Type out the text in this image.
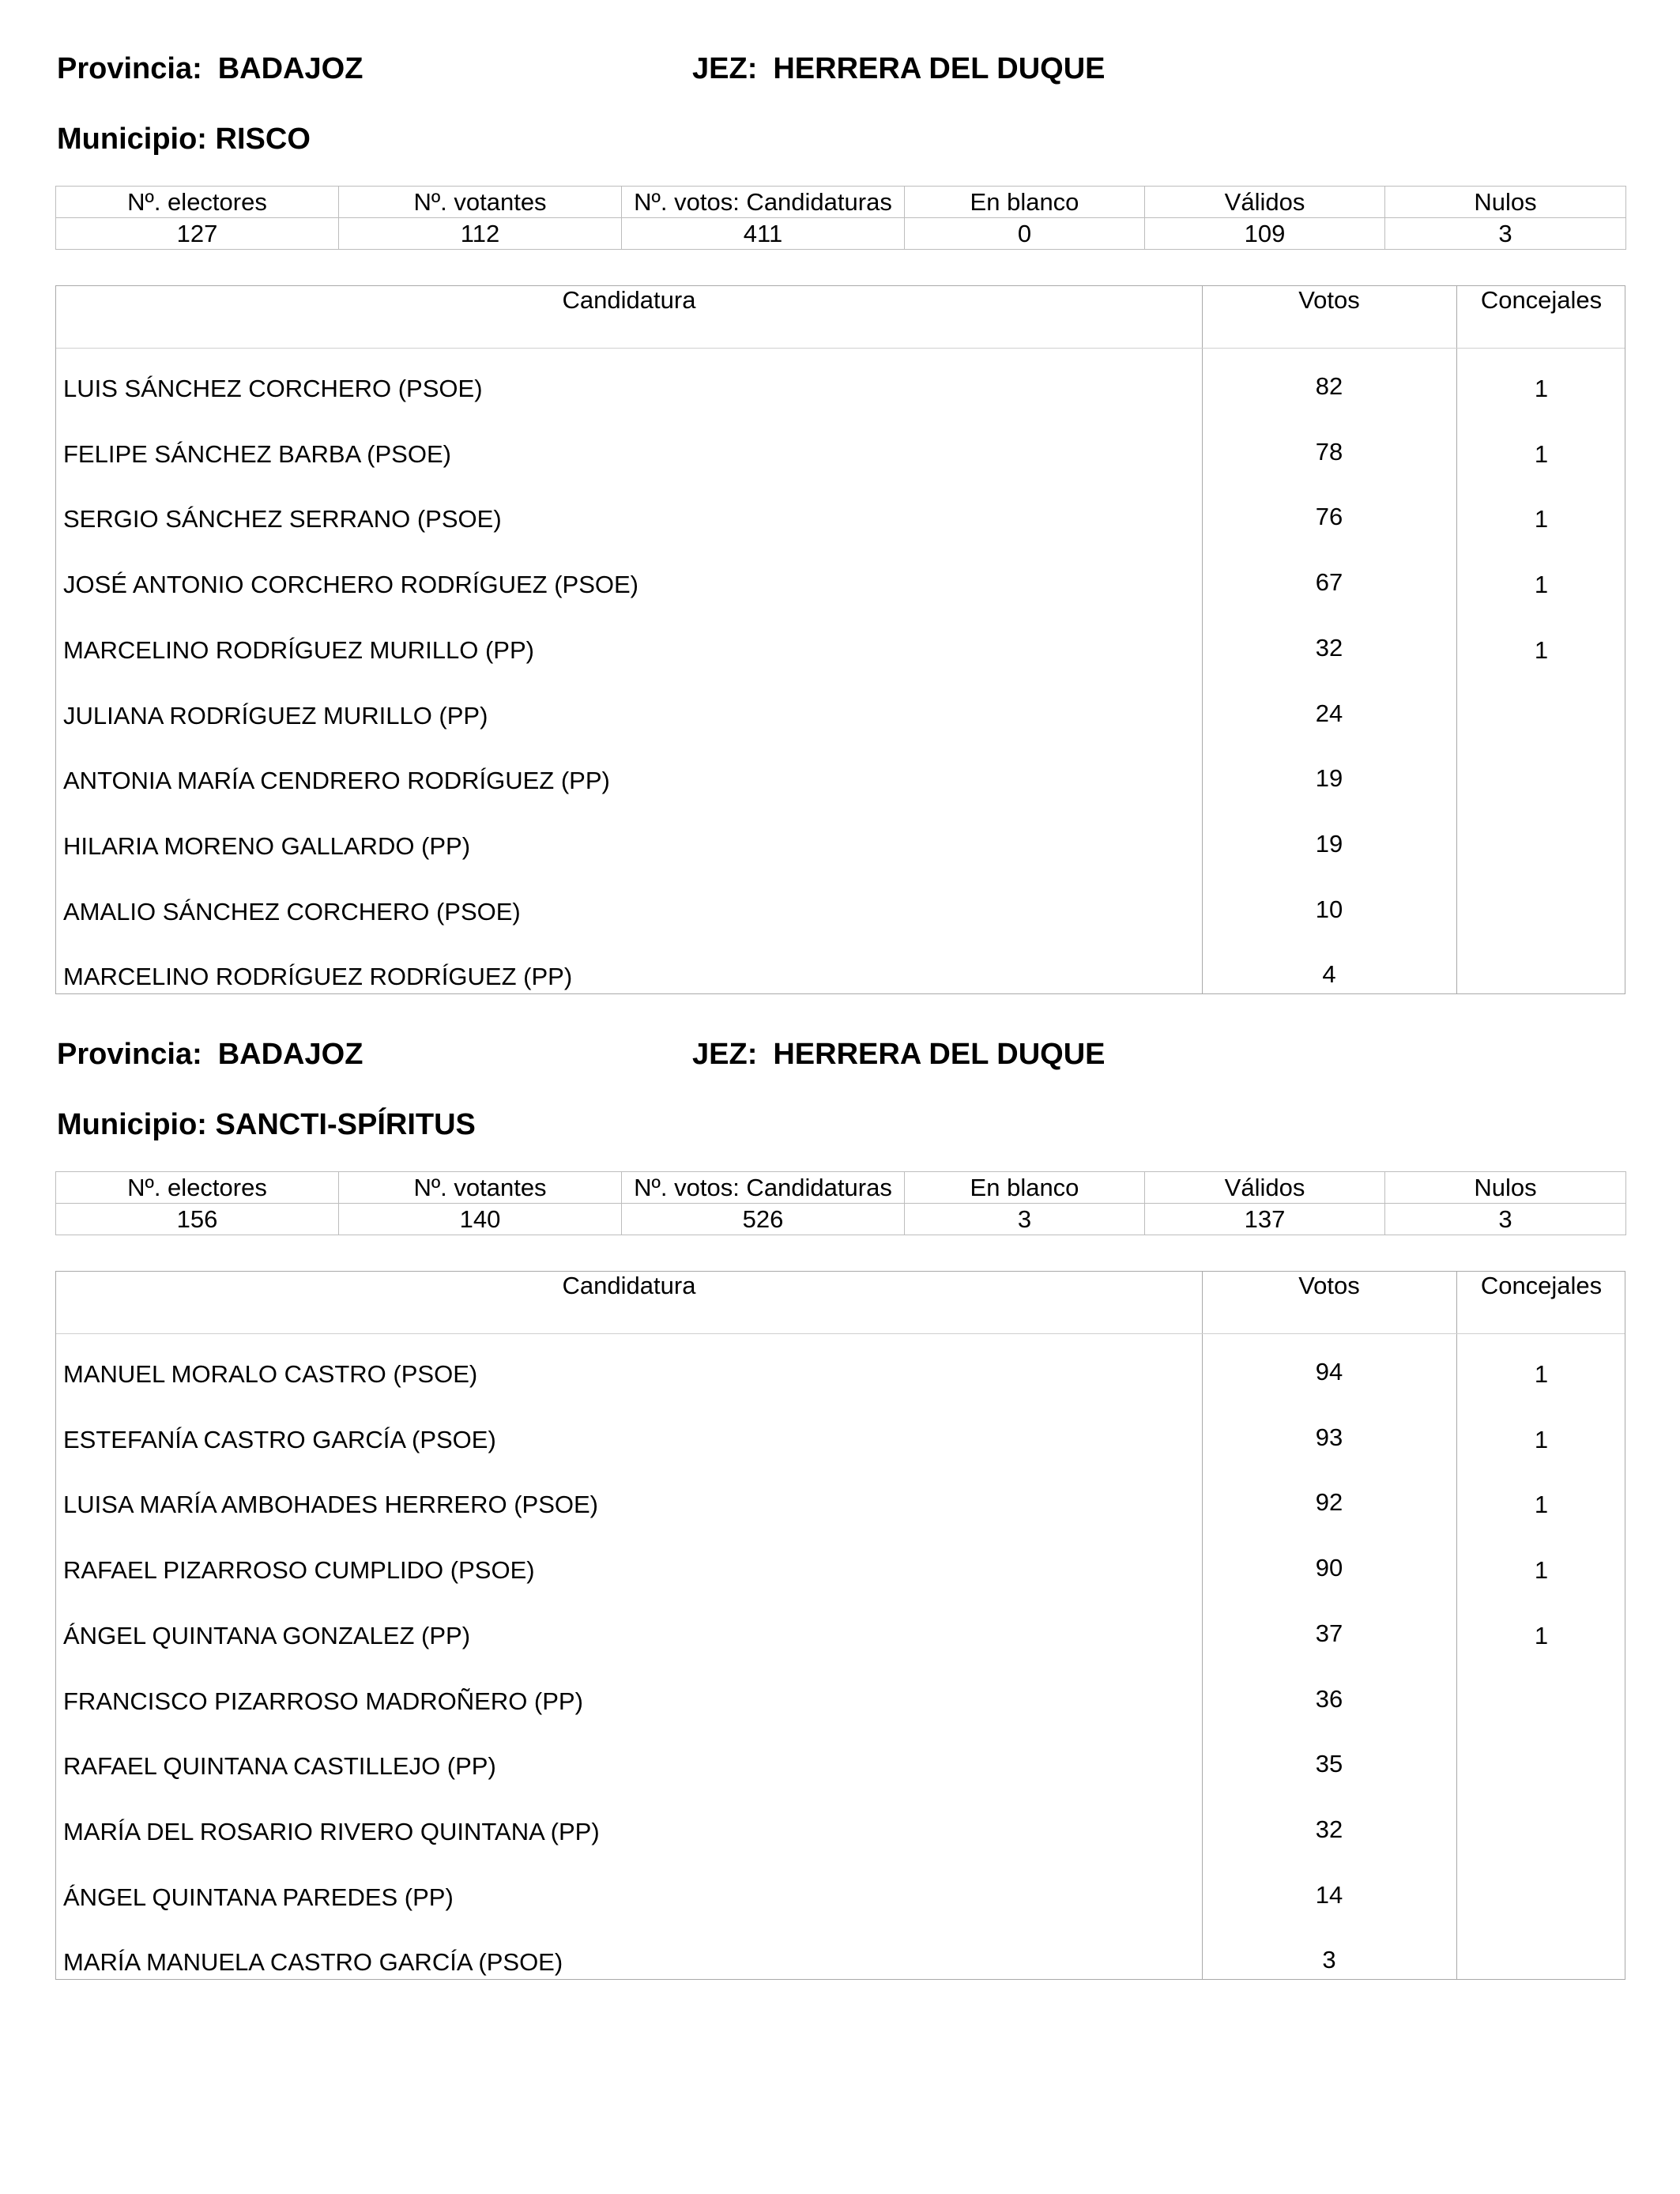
Provincia: BADAJOZ	JEZ: HERRERA DEL DUQUE
Municipio: RISCO
Nº. electores	Nº. votantes	Nº. votos: Candidaturas	En blanco	Válidos	Nulos
127	112	411	0	109	3
Candidatura	Votos	Concejales
LUIS SÁNCHEZ CORCHERO (PSOE)	82	1
FELIPE SÁNCHEZ BARBA (PSOE)	78	1
SERGIO SÁNCHEZ SERRANO (PSOE)	76	1
JOSÉ ANTONIO CORCHERO RODRÍGUEZ (PSOE)	67	1
MARCELINO RODRÍGUEZ MURILLO (PP)	32	1
JULIANA RODRÍGUEZ MURILLO (PP)	24
ANTONIA MARÍA CENDRERO RODRÍGUEZ (PP)	19
HILARIA MORENO GALLARDO (PP)	19
AMALIO SÁNCHEZ CORCHERO (PSOE)	10
MARCELINO RODRÍGUEZ RODRÍGUEZ (PP)	4
Provincia: BADAJOZ	JEZ: HERRERA DEL DUQUE
Municipio: SANCTI-SPÍRITUS
Nº. electores	Nº. votantes	Nº. votos: Candidaturas	En blanco	Válidos	Nulos
156	140	526	3	137	3
Candidatura	Votos	Concejales
MANUEL MORALO CASTRO (PSOE)	94	1
ESTEFANÍA CASTRO GARCÍA (PSOE)	93	1
LUISA MARÍA AMBOHADES HERRERO (PSOE)	92	1
RAFAEL PIZARROSO CUMPLIDO (PSOE)	90	1
ÁNGEL QUINTANA GONZALEZ (PP)	37	1
FRANCISCO PIZARROSO MADROÑERO (PP)	36
RAFAEL QUINTANA CASTILLEJO (PP)	35
MARÍA DEL ROSARIO RIVERO QUINTANA (PP)	32
ÁNGEL QUINTANA PAREDES (PP)	14
MARÍA MANUELA CASTRO GARCÍA (PSOE)	3
